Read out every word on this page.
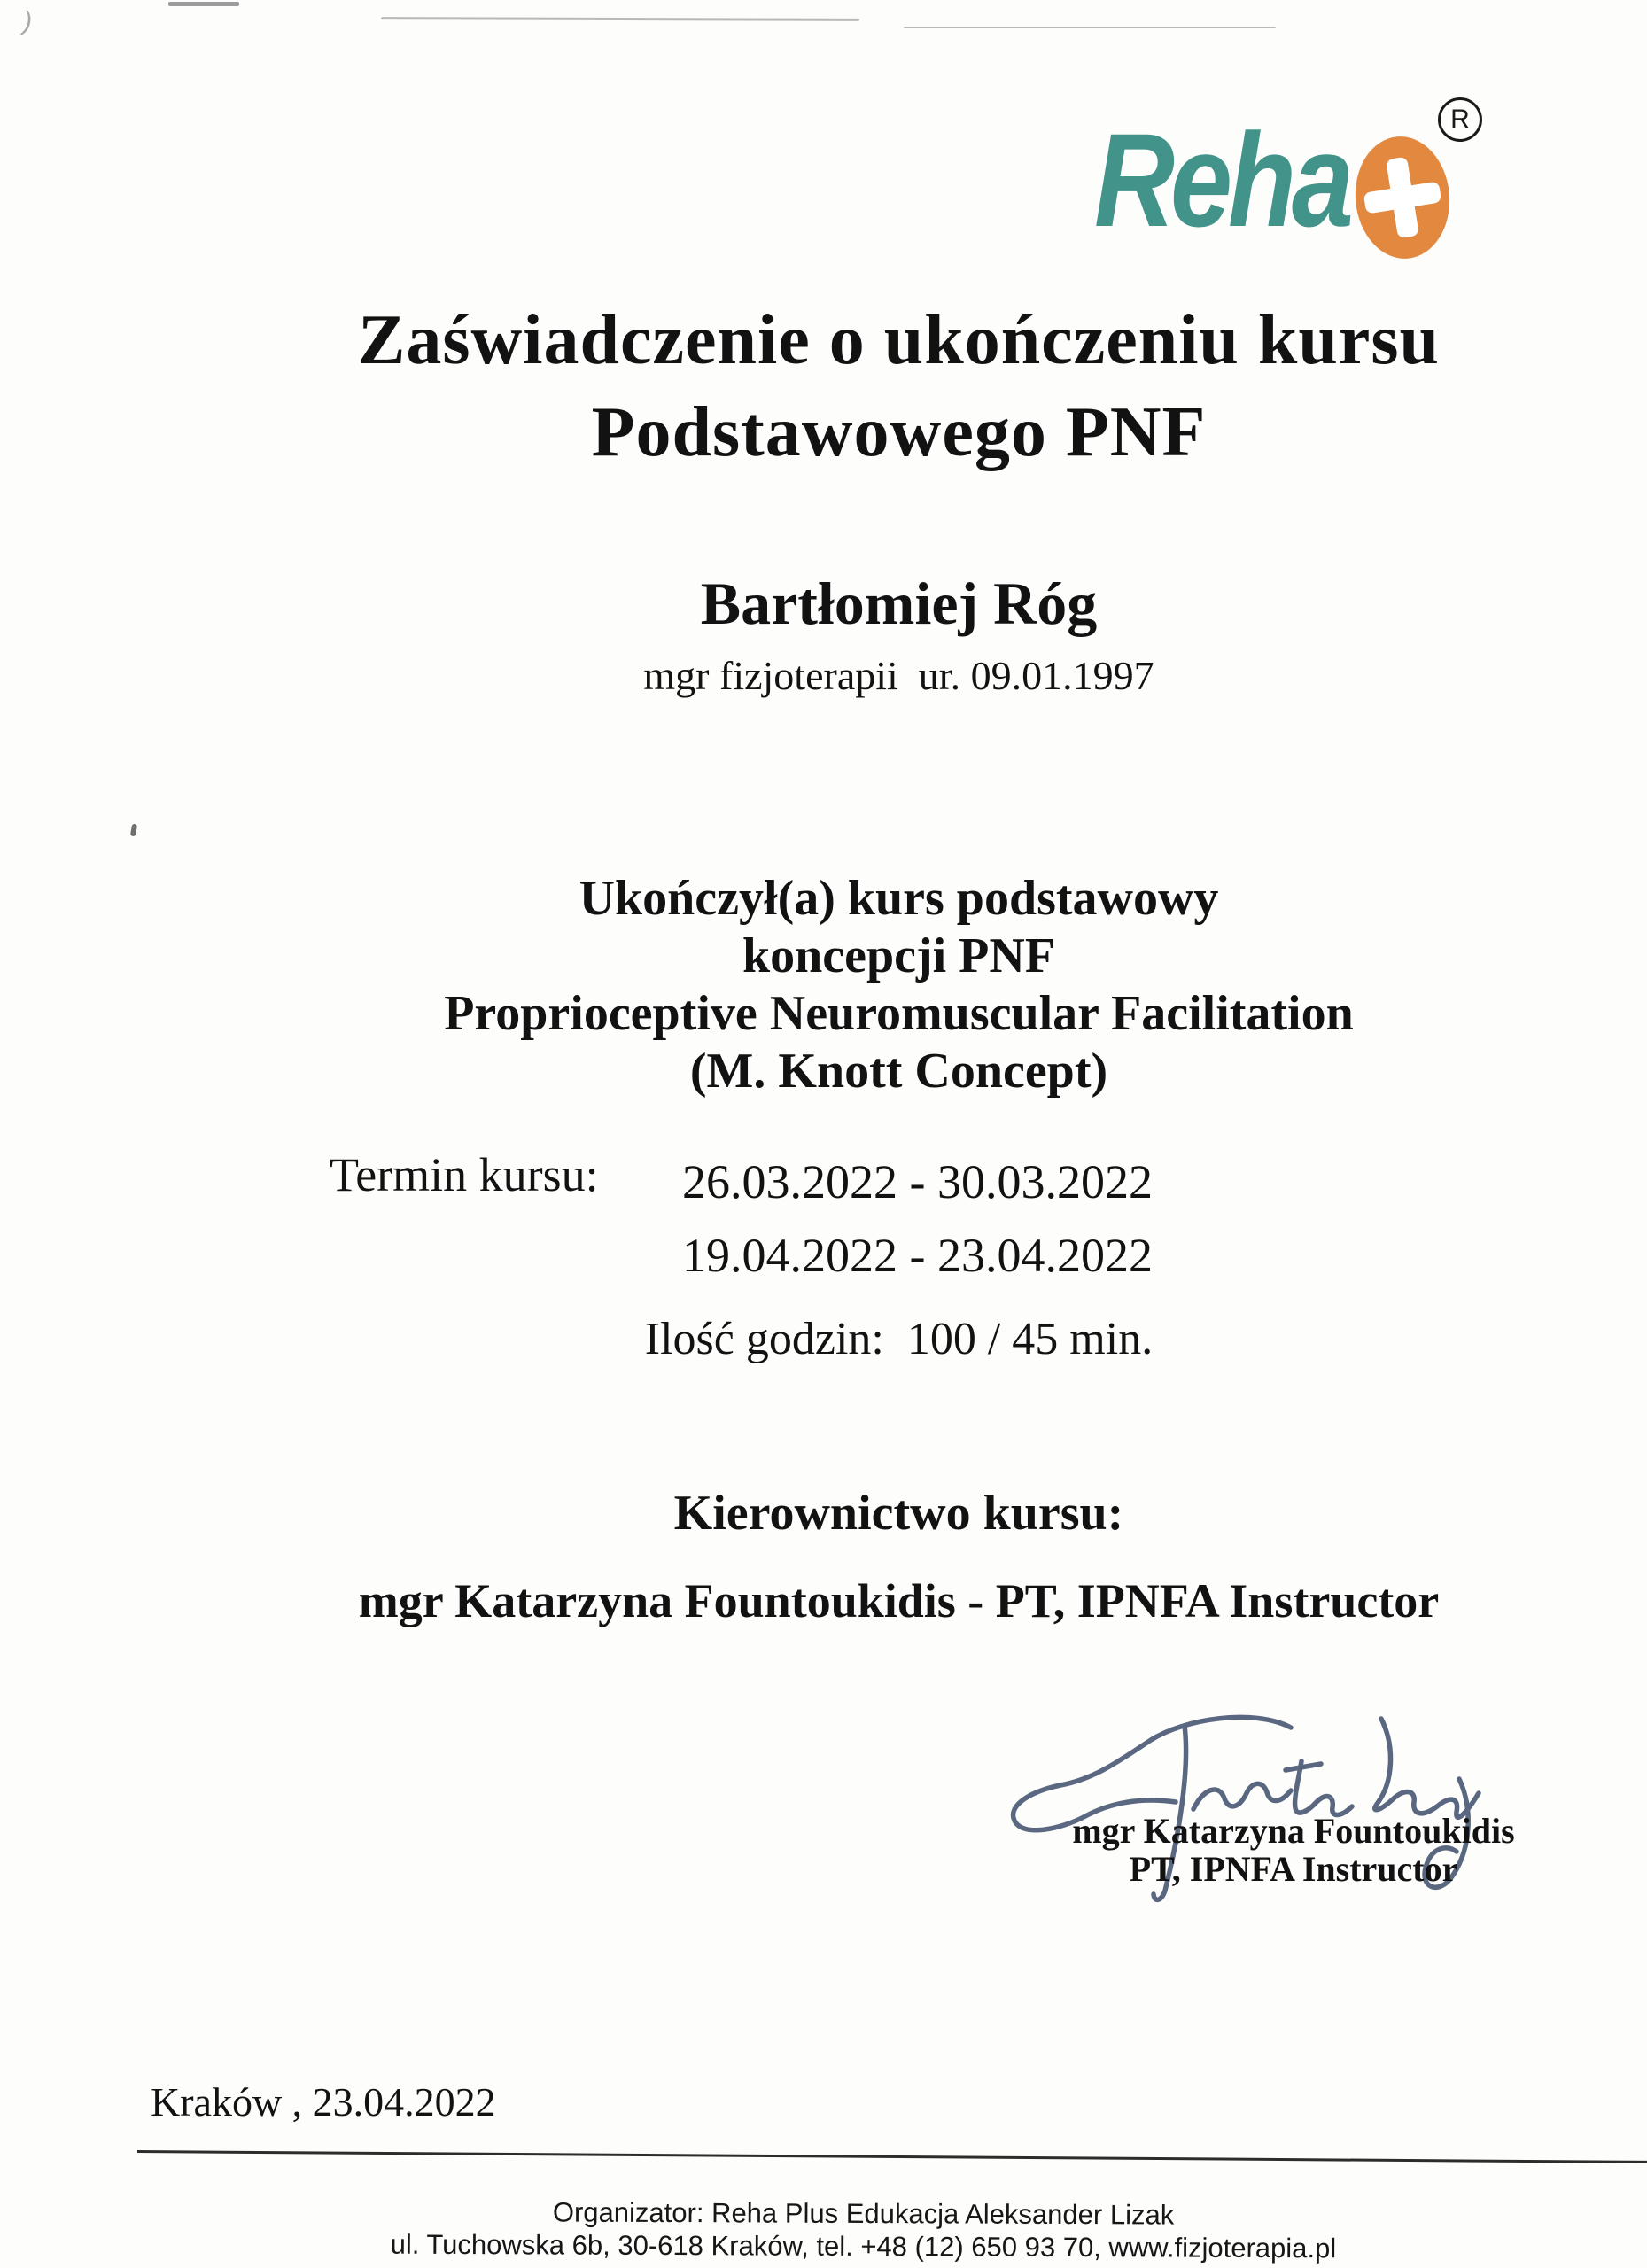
)
Reha	R
Zaświadczenie o ukończeniu kursu
Podstawowego PNF
Bartłomiej Róg
mgr fizjoterapii  ur. 09.01.1997
Ukończył(a) kurs podstawowy
koncepcji PNF
Proprioceptive Neuromuscular Facilitation
(M. Knott Concept)
Termin kursu: 26.03.2022 - 30.03.2022
19.04.2022 - 23.04.2022
Ilość godzin:  100 / 45 min.
Kierownictwo kursu:
mgr Katarzyna Fountoukidis - PT, IPNFA Instructor
mgr Katarzyna Fountoukidis
PT, IPNFA Instructor
Kraków , 23.04.2022
Organizator: Reha Plus Edukacja Aleksander Lizak
ul. Tuchowska 6b, 30-618 Kraków, tel. +48 (12) 650 93 70, www.fizjoterapia.pl
